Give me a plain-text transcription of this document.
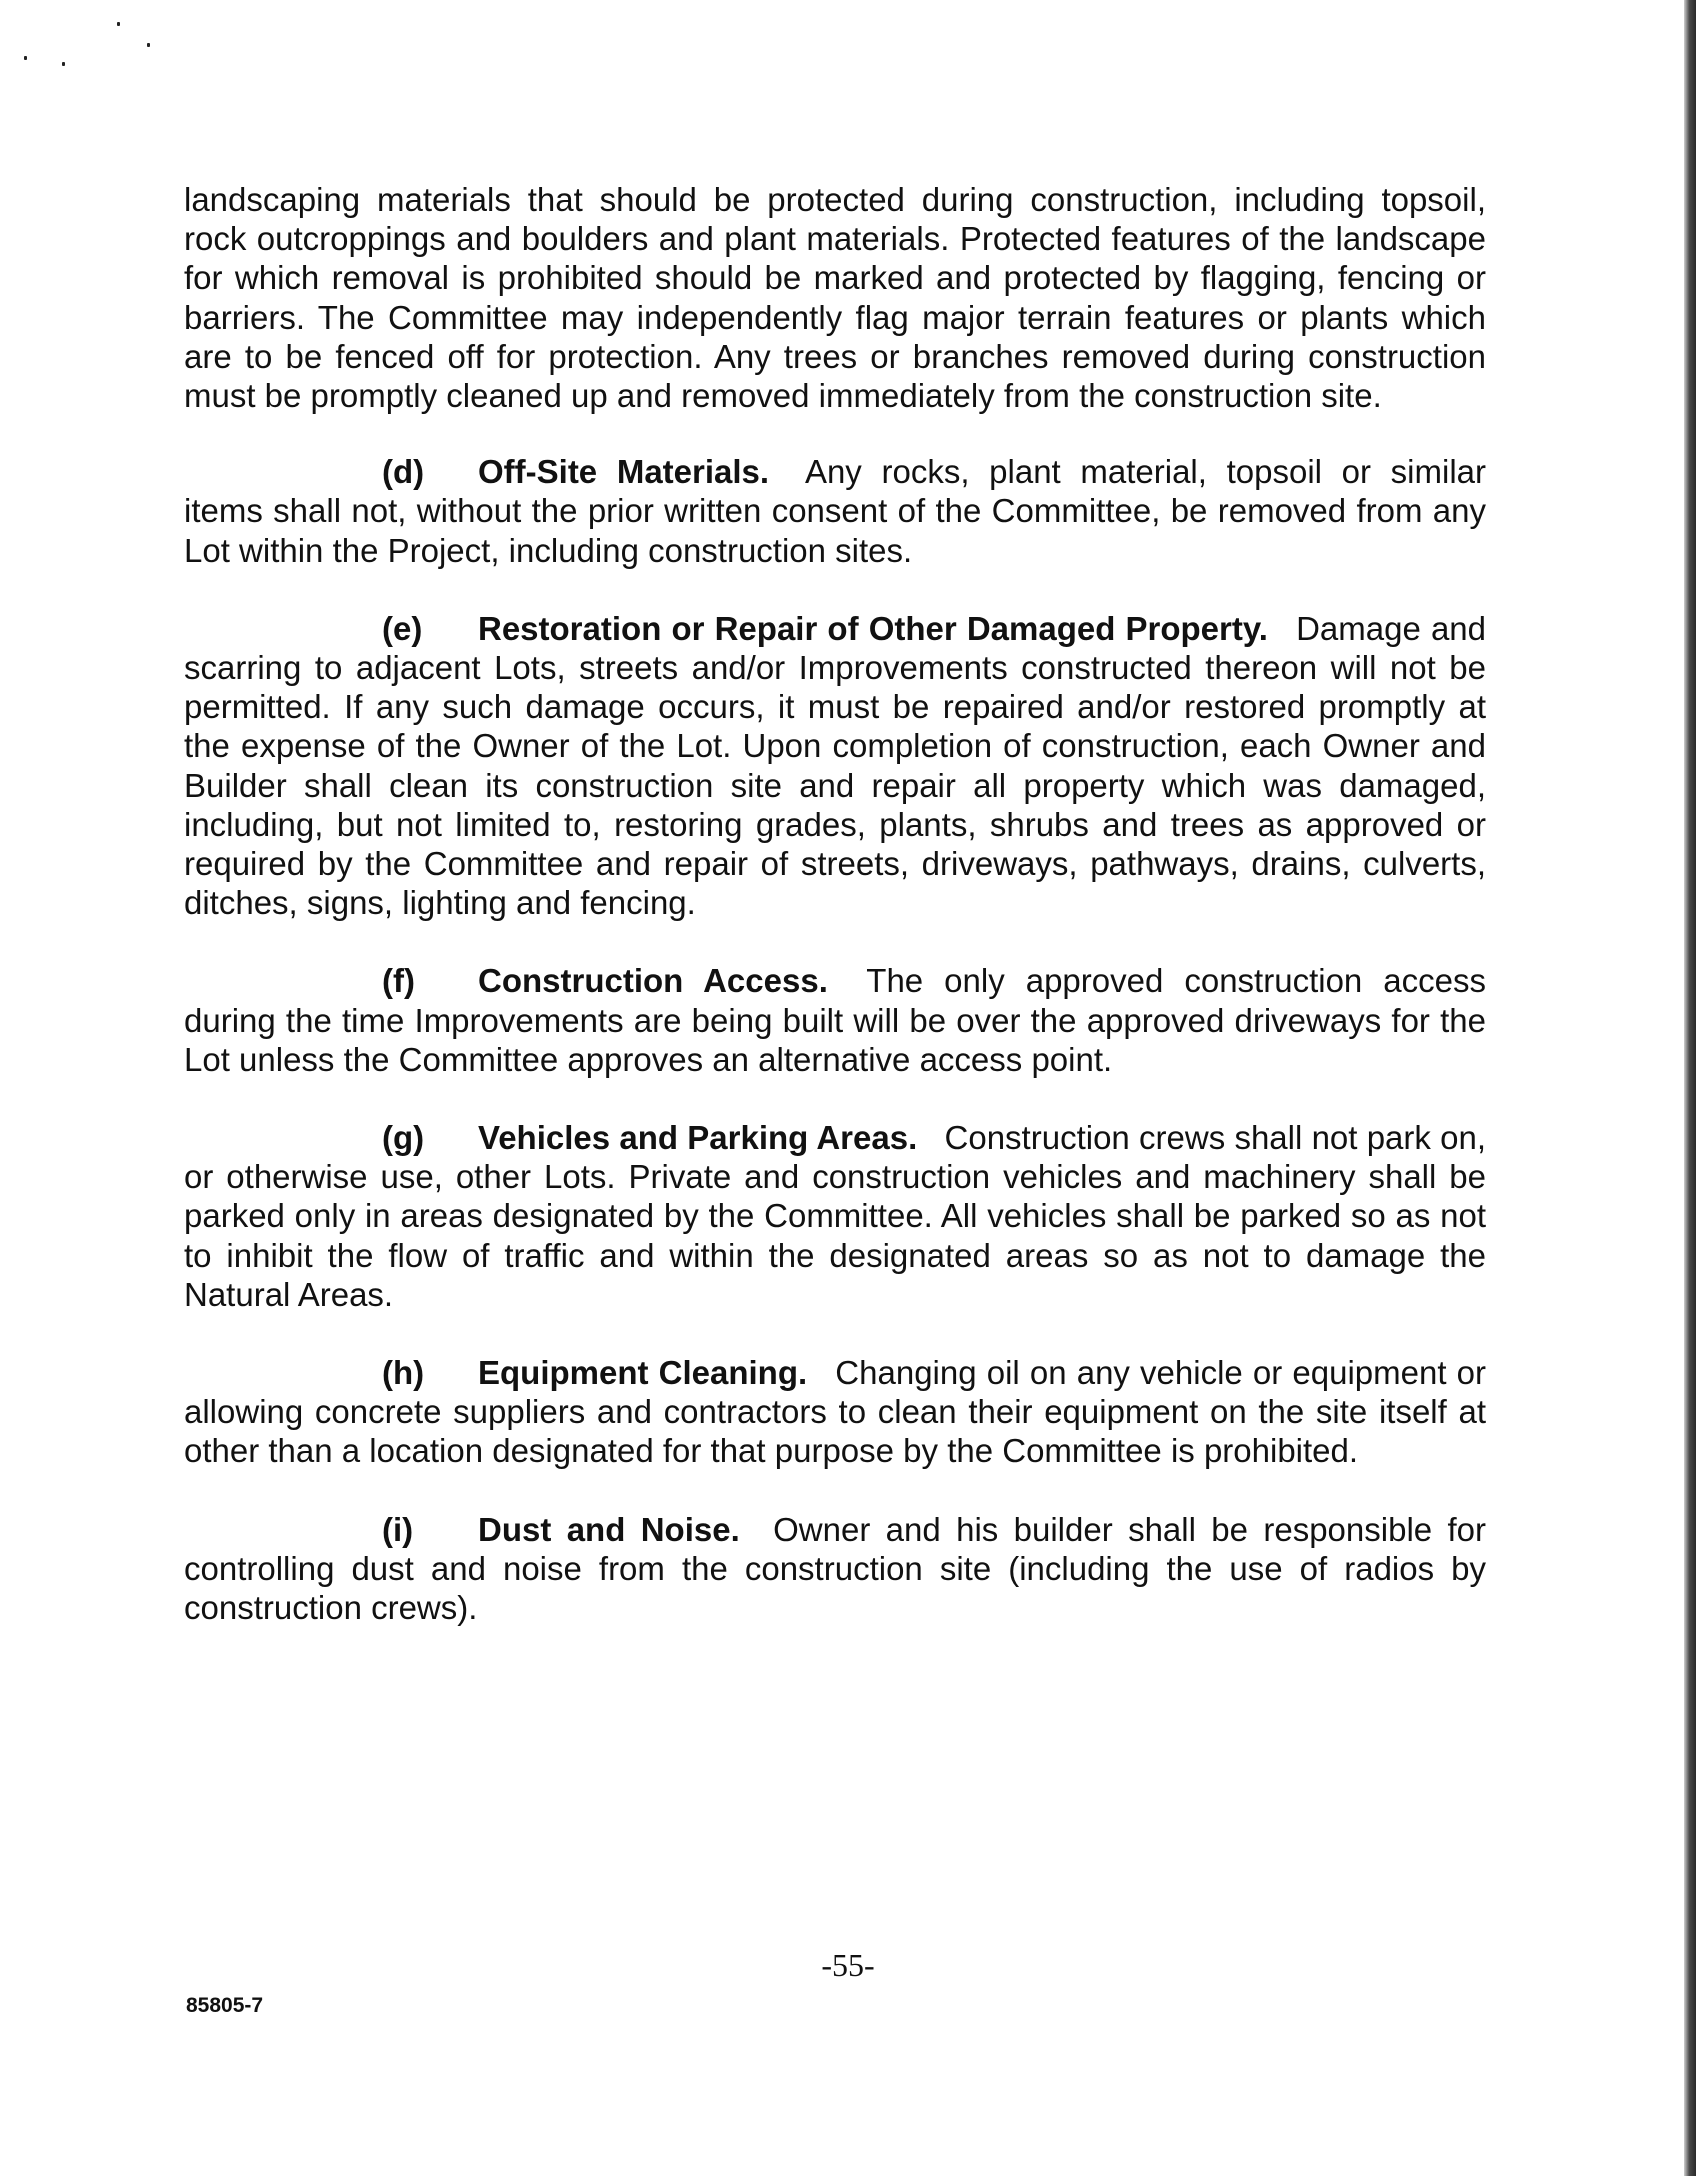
landscaping materials that should be protected during construction, including topsoil, rock outcroppings and boulders and plant materials. Protected features of the landscape for which removal is prohibited should be marked and protected by flagging, fencing or barriers. The Committee may independently flag major terrain features or plants which are to be fenced off for protection. Any trees or branches removed during construction must be promptly cleaned up and removed immediately from the construction site.

(d) Off-Site Materials. Any rocks, plant material, topsoil or similar items shall not, without the prior written consent of the Committee, be removed from any Lot within the Project, including construction sites.

(e) Restoration or Repair of Other Damaged Property. Damage and scarring to adjacent Lots, streets and/or Improvements constructed thereon will not be permitted. If any such damage occurs, it must be repaired and/or restored promptly at the expense of the Owner of the Lot. Upon completion of construction, each Owner and Builder shall clean its construction site and repair all property which was damaged, including, but not limited to, restoring grades, plants, shrubs and trees as approved or required by the Committee and repair of streets, driveways, pathways, drains, culverts, ditches, signs, lighting and fencing.

(f) Construction Access. The only approved construction access during the time Improvements are being built will be over the approved driveways for the Lot unless the Committee approves an alternative access point.

(g) Vehicles and Parking Areas. Construction crews shall not park on, or otherwise use, other Lots. Private and construction vehicles and machinery shall be parked only in areas designated by the Committee. All vehicles shall be parked so as not to inhibit the flow of traffic and within the designated areas so as not to damage the Natural Areas.

(h) Equipment Cleaning. Changing oil on any vehicle or equipment or allowing concrete suppliers and contractors to clean their equipment on the site itself at other than a location designated for that purpose by the Committee is prohibited.

(i) Dust and Noise. Owner and his builder shall be responsible for controlling dust and noise from the construction site (including the use of radios by construction crews).

-55-
85805-7
